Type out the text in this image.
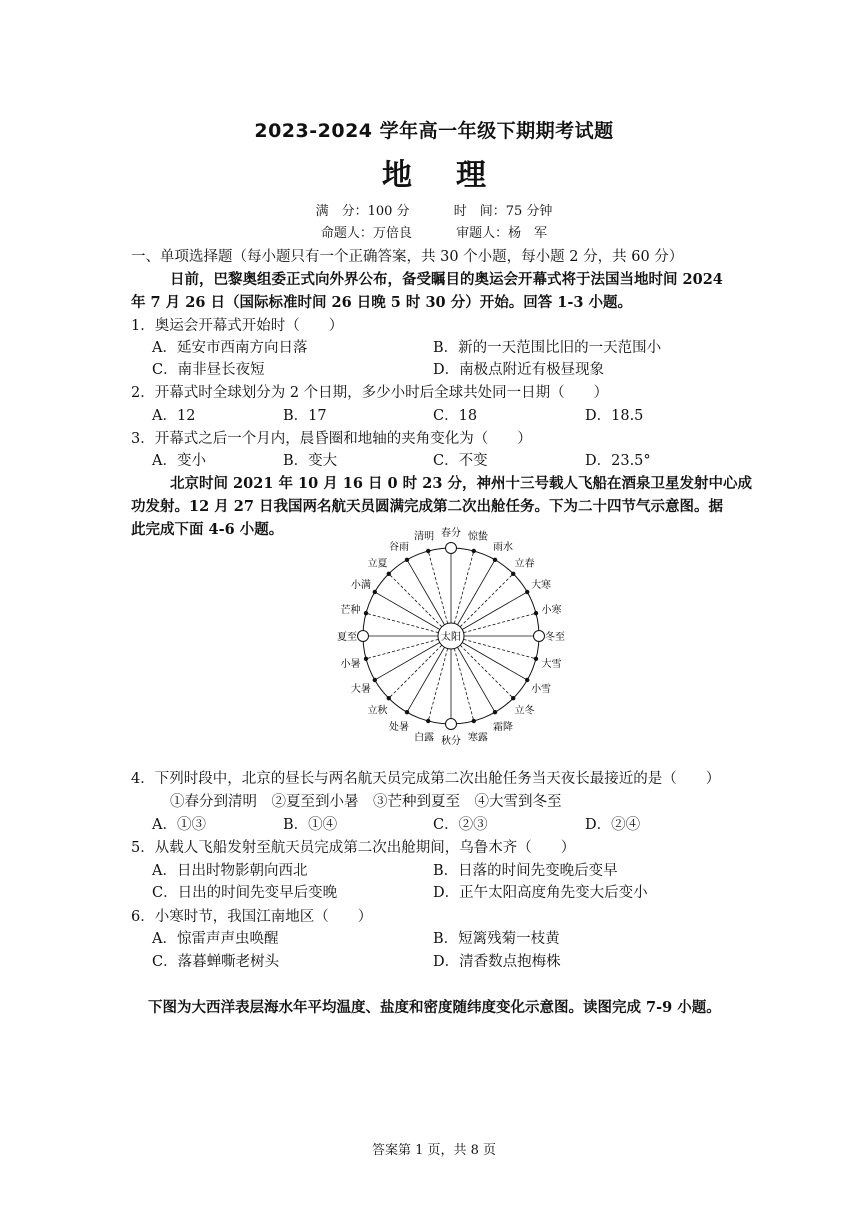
2023-2024 学年高一年级下期期考试题
地 理
满　分：100 分	时　间：75 分钟
命题人：万倍良	审题人：杨　军
一、单项选择题（每小题只有一个正确答案，共 30 个小题，每小题 2 分，共 60 分）
日前，巴黎奥组委正式向外界公布，备受瞩目的奥运会开幕式将于法国当地时间 2024
年 7 月 26 日（国际标准时间 26 日晚 5 时 30 分）开始。回答 1-3 小题。
1．奥运会开幕式开始时（　　）
A．延安市西南方向日落	B．新的一天范围比旧的一天范围小
C．南非昼长夜短	D．南极点附近有极昼现象
2．开幕式时全球划分为 2 个日期，多少小时后全球共处同一日期（　　）
A．12	B．17	C．18	D．18.5
3．开幕式之后一个月内，晨昏圈和地轴的夹角变化为（　　）
A．变小	B．变大	C．不变	D．23.5°
北京时间 2021 年 10 月 16 日 0 时 23 分，神州十三号载人飞船在酒泉卫星发射中心成
功发射。12 月 27 日我国两名航天员圆满完成第二次出舱任务。下为二十四节气示意图。据
此完成下面 4-6 小题。	春分 惊蛰
雨水
立春
大寒
小寒
冬至
大雪
小雪
立冬
霜降
寒露
秋分
白露
处暑
立秋
大暑
小暑
夏至
芒种
小满
立夏
谷雨
清明
太阳
4．下列时段中，北京的昼长与两名航天员完成第二次出舱任务当天夜长最接近的是（　　）
①春分到清明　②夏至到小暑　③芒种到夏至　④大雪到冬至
A．①③	B．①④	C．②③	D．②④
5．从载人飞船发射至航天员完成第二次出舱期间，乌鲁木齐（　　）
A．日出时物影朝向西北	B．日落的时间先变晚后变早
C．日出的时间先变早后变晚	D．正午太阳高度角先变大后变小
6．小寒时节，我国江南地区（　　）
A．惊雷声声虫唤醒	B．短篱残菊一枝黄
C．落暮蝉嘶老树头	D．清香数点抱梅株
下图为大西洋表层海水年平均温度、盐度和密度随纬度变化示意图。读图完成 7-9 小题。
答案第 1 页，共 8 页
